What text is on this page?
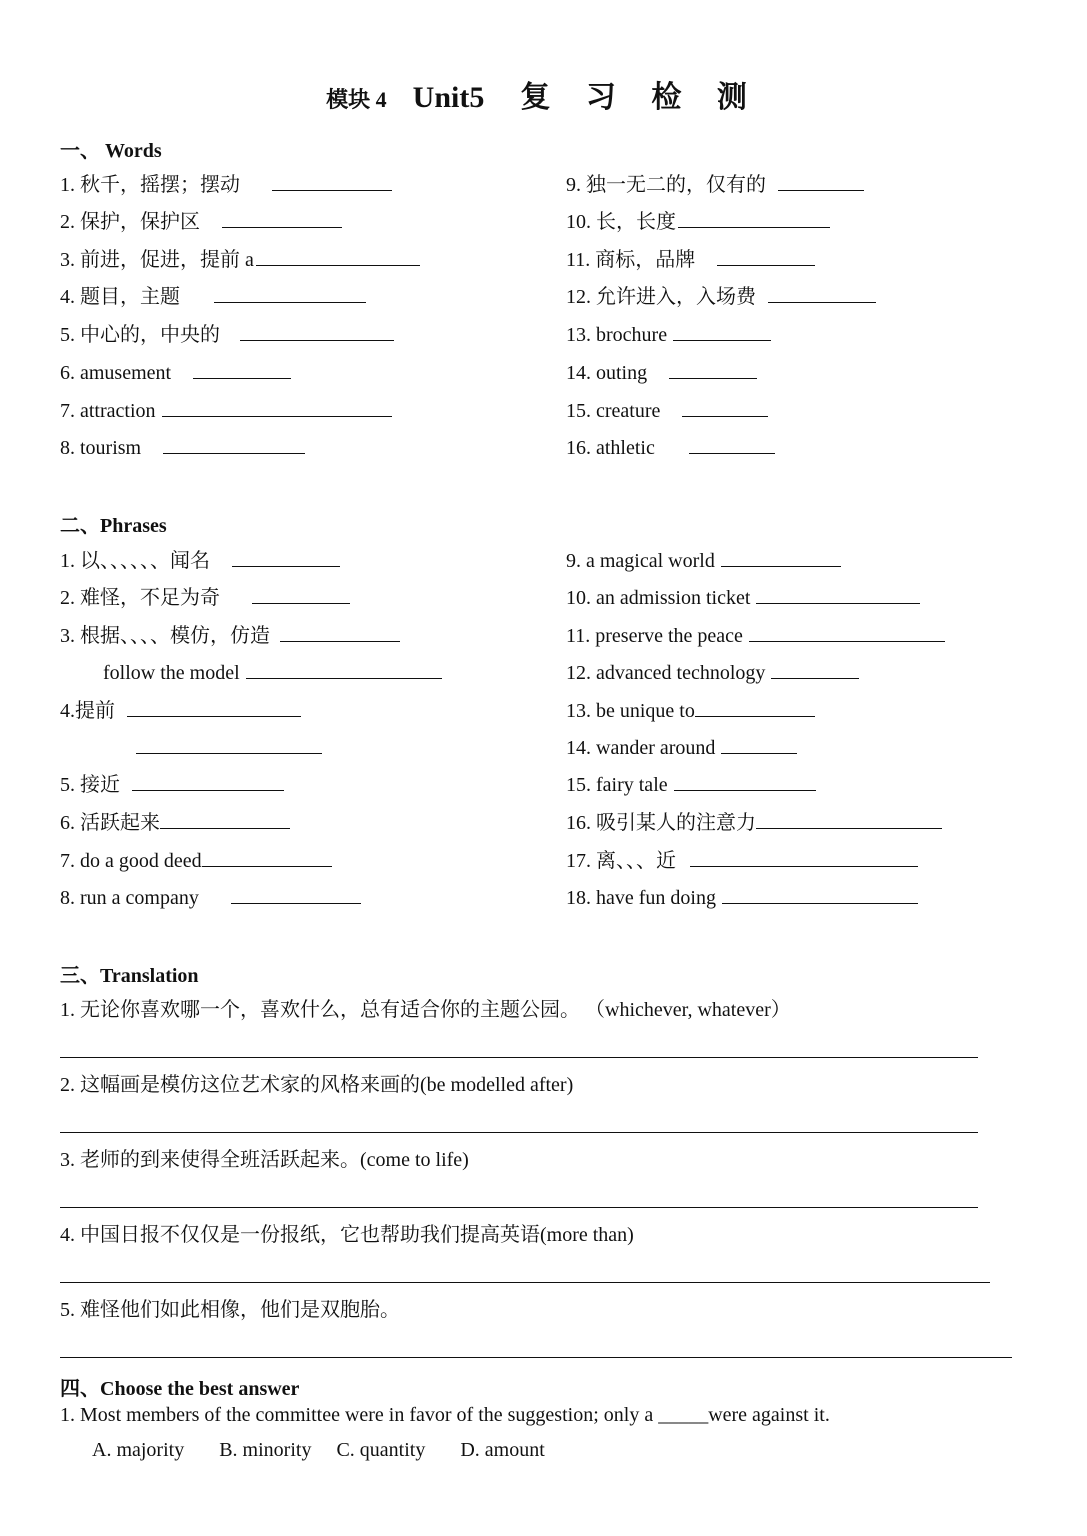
模块 4 Unit5 复 习 检 测
一、 Words
1. 秋千，摇摆；摆动
2. 保护，保护区
3. 前进，促进，提前 a
4. 题目，主题
5. 中心的，中央的
6. amusement
7. attraction
8. tourism
9. 独一无二的，仅有的
10. 长，长度
11. 商标，品牌
12. 允许进入，入场费
13. brochure
14. outing
15. creature
16. athletic
二、Phrases
1. 以、、、、、、闻名
2. 难怪，不足为奇
3. 根据、、、、模仿，仿造
follow the model
4.提前
5. 接近
6. 活跃起来
7. do a good deed
8. run a company
9. a magical world
10. an admission ticket
11. preserve the peace
12. advanced technology
13. be unique to
14. wander around
15. fairy tale
16. 吸引某人的注意力
17. 离、、、近
18. have fun doing
三、Translation
1. 无论你喜欢哪一个，喜欢什么，总有适合你的主题公园。 （whichever, whatever）
2. 这幅画是模仿这位艺术家的风格来画的(be modelled after)
3. 老师的到来使得全班活跃起来。(come to life)
4. 中国日报不仅仅是一份报纸，它也帮助我们提高英语(more than)
5. 难怪他们如此相像，他们是双胞胎。
四、Choose the best answer
1. Most members of the committee were in favor of the suggestion; only a _____were against it.
A. majority B. minority C. quantity D. amount
